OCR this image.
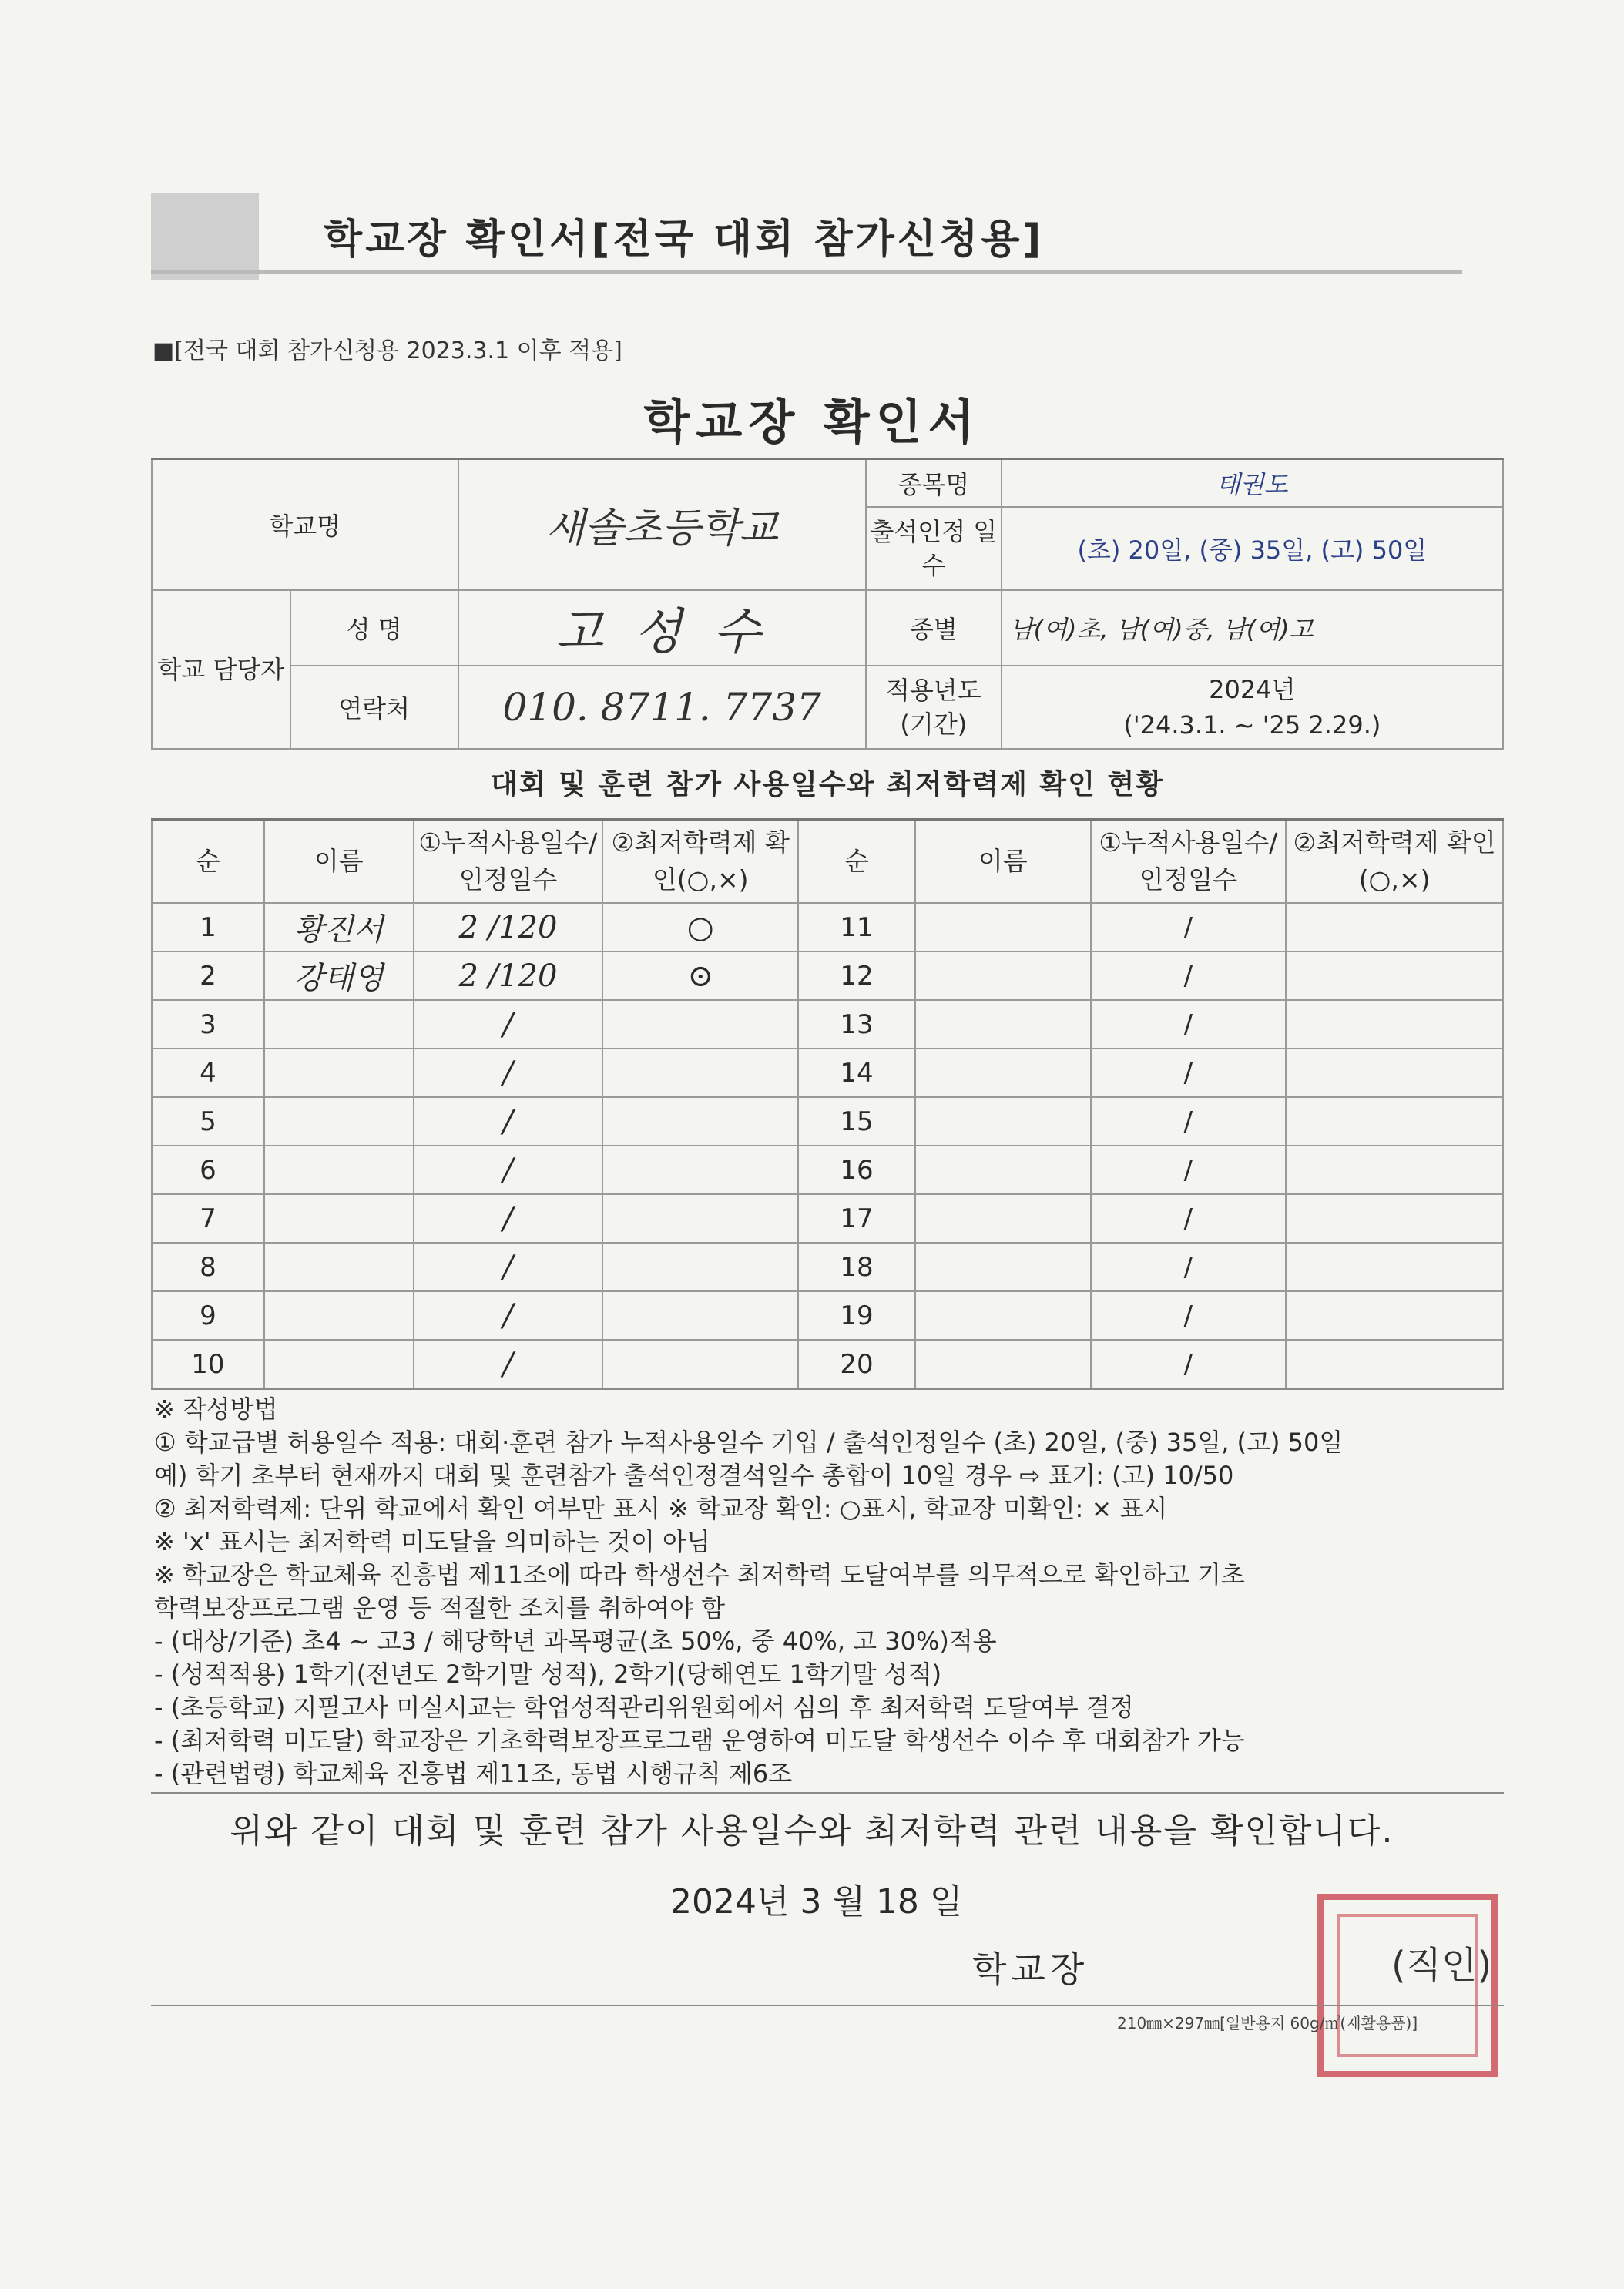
학교장 확인서[전국 대회 참가신청용]
■[전국 대회 참가신청용 2023.3.1 이후 적용]
학교장 확인서
학교명		새솔초등학교	종목명	태권도
			출석인정 일수	(초) 20일, (중) 35일, (고) 50일
학교 담당자	성 명	고 성 수	종별	남(여)초, 남(여)중, 남(여)고
	연락처	010. 8711. 7737	적용년도 (기간)	2024년
('24.3.1. ~ '25 2.29.)
대회 및 훈련 참가 사용일수와 최저학력제 확인 현황
순	이름	①누적사용일수/인정일수	②최저학력제 확인(○,×)	순	이름	①누적사용일수/인정일수	②최저학력제 확인(○,×)
1	황진서	2 /120	○	11		/	
2	강태영	2 /120	⊙	12		/	
3		/		13		/	
4		/		14		/	
5		/		15		/	
6		/		16		/	
7		/		17		/	
8		/		18		/	
9		/		19		/	
10		/		20		/	
※ 작성방법
① 학교급별 허용일수 적용: 대회·훈련 참가 누적사용일수 기입 / 출석인정일수 (초) 20일, (중) 35일, (고) 50일
예) 학기 초부터 현재까지 대회 및 훈련참가 출석인정결석일수 총합이 10일 경우 ⇨ 표기: (고) 10/50
② 최저학력제: 단위 학교에서 확인 여부만 표시 ※ 학교장 확인: ○표시, 학교장 미확인: × 표시
※ 'x' 표시는 최저학력 미도달을 의미하는 것이 아님
※ 학교장은 학교체육 진흥법 제11조에 따라 학생선수 최저학력 도달여부를 의무적으로 확인하고 기초
학력보장프로그램 운영 등 적절한 조치를 취하여야 함
- (대상/기준) 초4 ~ 고3 / 해당학년 과목평균(초 50%, 중 40%, 고 30%)적용
- (성적적용) 1학기(전년도 2학기말 성적), 2학기(당해연도 1학기말 성적)
- (초등학교) 지필고사 미실시교는 학업성적관리위원회에서 심의 후 최저학력 도달여부 결정
- (최저학력 미도달) 학교장은 기초학력보장프로그램 운영하여 미도달 학생선수 이수 후 대회참가 가능
- (관련법령) 학교체육 진흥법 제11조, 동법 시행규칙 제6조
위와 같이 대회 및 훈련 참가 사용일수와 최저학력 관련 내용을 확인합니다.
2024년 3 월 18 일
학교장	(직인)
210㎜×297㎜[일반용지 60g/㎡(재활용품)]
